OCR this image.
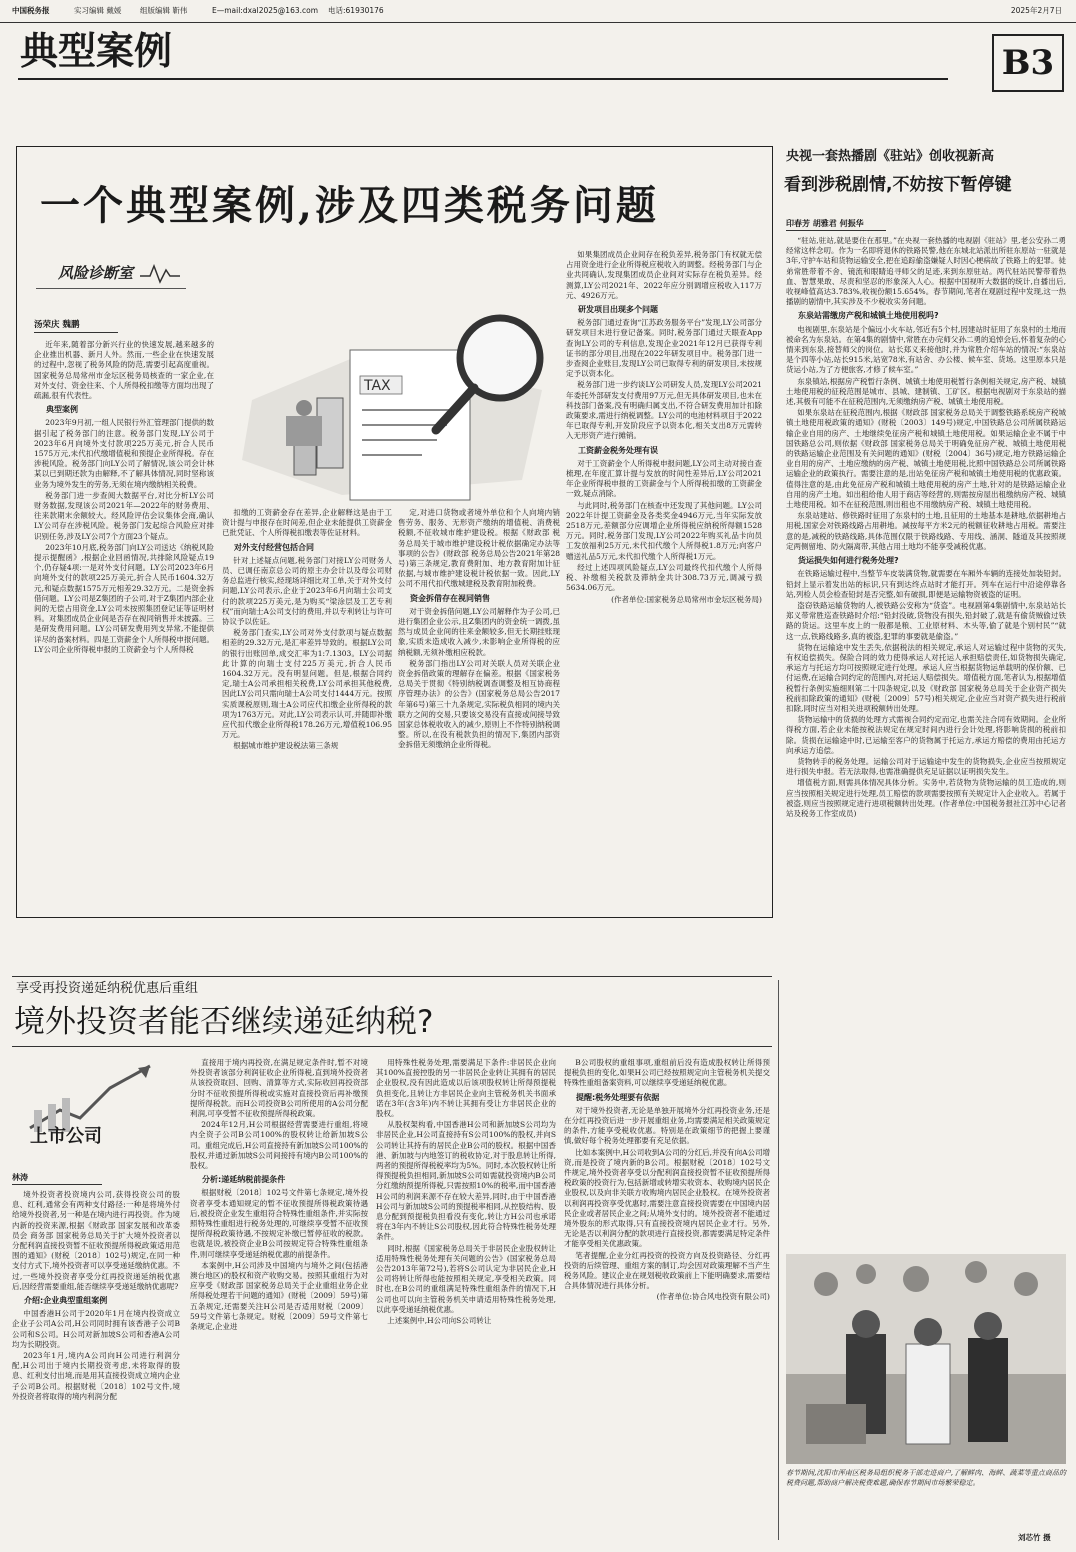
中国税务报	实习编辑 戴媛 组版编辑 靳伟	E—mail:dxal2025@163.com 电话:61930176	2025年2月7日
典型案例	B3
一个典型案例,涉及四类税务问题
风险诊断室
汤荣庆 魏鹏
TAX

近年来,随着部分新兴行业的快速发展,越来越多的企业推出机器、新月人外。然而,一些企业在快速发展的过程中,忽视了税务风险的防范,需要引起高度重视。国家税务总局常州市金坛区税务局核查的一家企业,在对外支付、资金往来、个人所得税扣缴等方面均出现了疏漏,很有代表性。

典型案例

2023年9月初,一组人民银行外汇管理部门提供的数据引起了税务部门的注意。税务部门发现,LY公司于2023年6月向境外支付款项225万美元,折合人民币1575万元,未代扣代缴增值税和预提企业所得税。存在涉税风险。税务部门向LY公司了解情况,该公司会计林某以已到期还款为由解释,不了解具体情况,同时坚称该业务为境外发生的劳务,无须在境内缴纳相关税费。

税务部门进一步查阅大数据平台,对比分析LY公司财务数据,发现该公司2021年—2022年的财务费用、往来款期末余额较大。经风险评估会议集体会商,确认LY公司存在涉税风险。税务部门发起综合风险应对排识别任务,涉及LY公司7个方面23个疑点。

2023年10月底,税务部门向LY公司送达《纳税风险提示提醒函》,根据企业回函情况,共排除风险疑点19个,仍存疑4项:一是对外支付问题。LY公司2023年6月向境外支付的款项225万美元,折合人民币1604.32万元,和疑点数据1575万元相差29.32万元。二是资金拆借问题。LY公司是Z集团的子公司,对于Z集团内部企业间的无偿占用资金,LY公司未按照集团登记证等证明材料。对集团成员企业间是否存在视同销售并未披露。三是研发费用问题。LY公司研发费用列支异常,不能提供详尽的备案材料。四是工资薪金个人所得税申报问题。LY公司企业所得税申报的工资薪金与个人所得税

扣缴的工资薪金存在差异,企业解释这是由于工资计提与申报存在时间差,但企业未能提供工资薪金已批凭证、个人所得税扣缴表等佐证材料。

对外支付经营包括合同

针对上述疑点问题,税务部门对接LY公司财务人员、已调任南京总公司的原主办会计以及母公司财务总监进行核实,经现场详细比对工单,关于对外支付问题,LY公司表示,企业于2023年6月向瑞士公司支付的款项225万美元,是为购买“梁涂层及工艺专利权”而向瑞士A公司支付的费用,并以专利转让与许可协议予以佐证。

税务部门查实,LY公司对外支付款项与疑点数据相差的29.32万元,是汇率差异导致的。根据LY公司的银行出账回单,成交汇率为1:7.1303。LY公司据此计算的向瑞士支付225万美元,折合人民币1604.32万元。没有明显问题。但是,根据合同约定,瑞士A公司承担相关税费,LY公司承担其他税费,因此LY公司只需向瑞士A公司支付1444万元。按照实质课税原则,瑞士A公司应代扣缴企业所得税的款项为1763万元。对此,LY公司表示认可,并随即补缴应代扣代缴企业所得税178.26万元,增值税106.95万元。

根据城市维护建设税法第三条规

定,对进口货物或者境外单位和个人向境内销售劳务、服务、无形资产缴纳的增值税、消费税税额,不征收城市维护建设税。根据《财政部 税务总局关于城市维护建设税计税依据确定办法等事项的公告》(财政部 税务总局公告2021年第28号)第三条规定,教育费附加、地方教育附加计征依据,与城市维护建设税计税依据一致。因此,LY公司不用代扣代缴城建税及教育附加税费。

资金拆借存在视同销售

对于资金拆借问题,LY公司解释作为子公司,已进行集团企业公示,且Z集团内的资金统一调拨,虽然与成员企业间的往来金额较多,但无长期挂账现象,实质未造成收入减少,未影响企业所得税的应纳税额,无须补缴相应税款。

税务部门指出LY公司对关联人员对关联企业资金拆借政策的理解存在偏差。根据《国家税务总局关于贯彻《特别纳税调查调整及相互协商程序管理办法》的公告》(国家税务总局公告2017年第6号)第三十九条规定,实际税负相同的境内关联方之间的交易,只要该交易没有直接或间接导致国家总体税收收入的减少,原则上不作特别纳税调整。所以,在没有税款负担的情况下,集团内部资金拆借无须缴纳企业所得税。

如果集团成员企业间存在税负差异,税务部门有权就无偿占用资金进行企业所得税应税收入的调整。经税务部门与企业共同确认,发现集团成员企业间对实际存在税负差异。经测算,LY公司2021年、2022年应分别调增应税收入117万元、4926万元。

研发项目出现多个问题

税务部门通过查询“江苏政务服务平台”发现,LY公司部分研发项目未进行登记备案。同时,税务部门通过天眼查App查询LY公司的专利信息,发现企业2021年12月已获得专利证书的部分项目,出现在2022年研发项目中。税务部门进一步查阅企业账目,发现LY公司已取得专利的研发项目,未按规定予以资本化。

税务部门进一步约谈LY公司研发人员,发现LY公司2021年委托外部研发支付费用97万元,但无具体研发项目,也未在科技部门备案,没有明确归属支出,不符合研发费用加计扣除政策要求,需进行纳税调整。LY公司的电池材料项目于2022年已取得专利,开发阶段应予以资本化,相关支出8万元需转入无形资产进行摊销。

工资薪金税务处理有误

对于工资薪金个人所得税申报问题,LY公司主动对接自查梳理,在年度汇算计提与发放的时间性差异后,LY公司2021年企业所得税申报的工资薪金与个人所得税扣缴的工资薪金一致,疑点消除。

与此同时,税务部门在核查中还发现了其他问题。LY公司2022年计提工资薪金及各类奖金4946万元,当年实际发放2518万元,差额部分应调增企业所得税应纳税所得额1528万元。同时,税务部门发现,LY公司2022年购买礼品卡向员工发放福利25万元,未代扣代缴个人所得税1.8万元;向客户赠送礼品5万元,未代扣代缴个人所得税1万元。

经过上述四项风险疑点,LY公司最终代扣代缴个人所得税、补缴相关税款及滞纳金共计308.73万元,调减亏损5634.06万元。

(作者单位:国家税务总局常州市金坛区税务局)

央视一套热播剧《驻站》创收视新高
看到涉税剧情,不妨按下暂停键
印春芳 胡雅君 何振华

“驻站,驻站,就是要住在那里。”在央视一套热播的电视剧《驻站》里,老公安孙二勇经常这样念叨。作为一名即将退休的铁路民警,他在东城北站派出所驻东原站一驻就是3年,守护车站和货物运输安全,把在追踪偷盗嫌疑人时因心梗病故了铁路上的犯罪。徒弟常胜带着不舍、镜流和眼睛追寻师父的足迹,来到东原驻站。两代驻站民警带着热血、智慧果敢、尽责和坚忍的形象深入人心。根据中国视听大数据的统计,自播出后,收视峰值高达3.783%,收视份额15.654%。春节期间,笔者在观剧过程中发现,这一热播剧的剧情中,其实涉及不少税收实务问题。

东泉站需缴房产税和城镇土地使用税吗?

电视剧里,东泉站是个偏远小火车站,邻近有5个村,因建站时征用了东泉村的土地而被命名为东泉站。在第4集的剧情中,常胜在办完师父孙二勇的追悼会后,怀着复杂的心情来到东泉,接替师父的岗位。站长郑义来接他时,并为常胜介绍车站的情况:“东泉站是个四等小站,站长915米,站宽78米,有站舍、办公楼、候车室、货场。这里原本只是货运小站,为了方便旅客,才修了候车室。”

东泉镇站,根据房产税暂行条例、城镇土地使用税暂行条例相关规定,房产税、城镇土地使用税的征税范围是城市、县城、建制镇、工矿区。根据电视剧对于东泉站的描述,其极有可能不在征税范围内,无须缴纳房产税、城镇土地使用税。

如果东泉站在征税范围内,根据《财政部 国家税务总局关于调整铁路系统房产税城镇土地使用税政策的通知》(财税〔2003〕149号)规定,中国铁路总公司所属铁路运输企业自用的房产、土地继续免征房产税和城镇土地使用税。如果运输企业不属于中国铁路总公司,则依据《财政部 国家税务总局关于明确免征房产税、城镇土地使用税的铁路运输企业范围及有关问题的通知》(财税〔2004〕36号)规定,地方铁路运输企业自用的房产、土地应缴纳的房产税、城镇土地使用税,比照中国铁路总公司所属铁路运输企业的政策执行。需要注意的是,出站免征房产税和城镇土地使用税的优惠政策。值得注意的是,由此免征房产税和城镇土地使用税的房产土地,针对的是铁路运输企业自用的房产土地。如出租给他人用于商店等经营的,则需按房屋出租缴纳房产税、城镇土地使用税。如不在征税范围,则出租也不用缴纳房产税、城镇土地使用税。

东泉站建站、修铁路时征用了东泉村的土地,且征用的土地基本是耕地,依据耕地占用税,国家会对铁路线路占用耕地。减按每平方米2元的税额征收耕地占用税。需要注意的是,减税的铁路线路,具体范围仅限于铁路线路、专用线、涵洞、隧道及其按照规定两侧留地、防火隔离带,其他占用土地均不能享受减税优惠。

货运损失如何进行税务处理?

在铁路运输过程中,当整节车皮装满货物,就需要在车厢外车辆的连接处加装铅封。铅封上显示着发出站的标识,只有到达终点站时才能打开。列车在运行中沿途停靠各站,列检人员会检查铅封是否完整,如有破损,即便是运输物资被盗的证明。

盗窃铁路运输货物的人,被铁路公安称为“货盗”。电视剧第4集剧情中,东泉站站长郑义带常胜巡查铁路时介绍:“铅封没破,货物没有损失,铅封破了,就是有偷货贼偷过铁路的货运。这里车皮上的一般都是粮、工业原材料、木头等,偷了就是个别村民”“就这一点,铁路线路多,真的被盗,犯罪的事要就是偷盗。”

货物在运输途中发生丢失,依据税法的相关规定,承运人对运输过程中货物的灭失,有权追偿损失。保险合同的效力使得承运人对托运人承担赔偿责任,如货物损失确定,承运方与托运方均可按照规定进行处理。承运人应当根据货物运单载明的保价额、已付运费,在运输合同约定的范围内,对托运人赔偿损失。增值税方面,笔者认为,根据增值税暂行条例实施细则第二十四条规定,以及《财政部 国家税务总局关于企业资产损失税前扣除政策的通知》(财税〔2009〕57号)相关规定,企业应当对资产损失进行税前扣除,同时应当对相关进项税额转出处理。

货物运输中的货损的处理方式需视合同约定而定,也需关注合同有效期间。企业所得税方面,若企业未能按税法规定在规定时间内进行会计处理,将影响货损的税前扣除。货损在运输途中时,已运输至客户的货物属于托运方,承运方赔偿的费用由托运方向承运方追偿。

货物转手的税务处理。运输公司对于运输途中发生的货物损失,企业应当按照规定进行损失申报。若无法取得,也需准确提供充足证据以证明损失发生。

增值税方面,则需具体情况具体分析。实务中,若货物为货物运输的员工造成的,则应当按照相关规定进行处理,员工赔偿的款项需要按照有关规定计入企业收入。若属于被盗,则应当按照规定进行进项税额转出处理。(作者单位:中国税务报社江苏中心记者站及税务工作室成员)

春节期间,沈阳市浑南区税务局组织税务干部走进商户,了解鲜肉、海鲜、蔬菜等重点商品的税费问题,帮助商户解决税费难题,确保春节期间市场繁荣稳定。
刘芯竹 摄
享受再投资递延纳税优惠后重组
境外投资者能否继续递延纳税?
上市公司
林涛

境外投资者投资境内公司,获得投资公司的股息、红利,通常会有两种支付路径:一种是将境外付给境外投资者,另一种是在境内进行再投资。作为境内新的投资来源,根据《财政部 国家发展和改革委员会 商务部 国家税务总局关于扩大境外投资者以分配利润直接投资暂不征收预提所得税政策适用范围的通知》(财税〔2018〕102号)规定,在同一种支付方式下,境外投资者可以享受递延缴纳优惠。不过,一些境外投资者享受分红再投资递延纳税优惠后,因经营需要重组,能否继续享受递延缴纳优惠呢?

介绍:企业典型重组案例

中国香港H公司于2020年1月在境内投资成立企业子公司A公司,H公司同时拥有该香港子公司B公司和S公司。H公司对新加坡S公司和香港A公司均为长期投资。

2023年1月,境内A公司向H公司进行利润分配,H公司出于境内长期投资考虑,未将取得的股息、红利支付出境,而是用其直接投资成立境内企业子公司B公司。根据财税〔2018〕102号文件,境外投资者将取得的境内利润分配

直接用于境内再投资,在满足规定条件时,暂不对境外投资者该部分利润征收企业所得税,直到境外投资者从该投资取回、回购、清算等方式,实际收回再投资部分时不征收预提所得税或实施对直接投资后再补缴预提所得税款。而H公司投资B公司所使用的A公司分配利润,可享受暂不征收预提所得税政策。

2024年12月,H公司根据经营需要进行重组,将境内全资子公司B公司100%的股权转让给新加坡S公司。重组完成后,H公司直接持有新加坡S公司100%的股权,并通过新加坡S公司间接持有境内B公司100%的股权。

分析:递延纳税前提条件

根据财税〔2018〕102号文件第七条规定,境外投资者享受本通知规定的暂不征收预提所得税政策待遇后,被投资企业发生重组符合特殊性重组条件,并实际按照特殊性重组进行税务处理的,可继续享受暂不征收预提所得税政策待遇,不按规定补缴已暂停征收的税款。也就是说,被投资企业B公司按规定符合特殊性重组条件,则可继续享受递延纳税优惠的前提条件。

本案例中,H公司涉及中国境内与境外之间(包括港澳台地区)的股权和资产收购交易。按照其重组行为对应享受《财政部 国家税务总局关于企业重组业务企业所得税处理若干问题的通知》(财税〔2009〕59号)第五条规定,还需要关注H公司是否适用财税〔2009〕59号文件第七条规定。财税〔2009〕59号文件第七条规定,企业进

用特殊性税务处理,需要满足下条件:非居民企业向其100%直接控股的另一非居民企业转让其拥有的居民企业股权,没有因此造成以后该项股权转让所得预提税负担变化,且转让方非居民企业向主管税务机关书面承诺在3年(含3年)内不转让其拥有受让方非居民企业的股权。

从股权架构看,中国香港H公司和新加坡S公司均为非居民企业,H公司直接持有S公司100%的股权,并向S公司转让其持有的居民企业B公司的股权。根据中国香港、新加坡与内地签订的税收协定,对于股息转让所得,两者的预提所得税税率均为5%。同时,本次股权转让所得预提税负担相同,新加坡S公司如需就投资境内B公司分红缴纳预提所得税,只需按照10%的税率,而中国香港H公司的利润来源不存在较大差异,同时,由于中国香港H公司与新加坡S公司的预提税率相同,从控股结构、股息分配到预提税负担看没有变化,转让方H公司也承诺将在3年内不转让S公司股权,因此符合特殊性税务处理条件。

同时,根据《国家税务总局关于非居民企业股权转让适用特殊性税务处理有关问题的公告》(国家税务总局公告2013年第72号),若将S公司认定为非居民企业,H公司将转让所得也能按照相关规定,享受相关政策。同时也,在B公司的重组满足特殊性重组条件的情况下,H公司也可以向主管税务机关申请适用特殊性税务处理,以此享受递延纳税优惠。

上述案例中,H公司向S公司转让

B公司股权的重组事项,重组前后没有造成股权转让所得预提税负担的变化,如果H公司已经按照规定向主管税务机关提交特殊性重组备案资料,可以继续享受递延纳税优惠。

提醒:税务处理要有依据

对于境外投资者,无论是单独开展境外分红再投资业务,还是在分红再投资后进一步开展重组业务,均需要满足相关政策规定的条件,方能享受税收优惠。特别是在政策细节的把握上要谨慎,做好每个税务处理都要有充足依据。

比如本案例中,H公司收到A公司的分红后,并没有向A公司增资,而是投资了境内新的B公司。根据财税〔2018〕102号文件规定,境外投资者享受以分配利润直接投资暂不征收预提所得税政策的投资行为,包括新增或转增实收资本、收购境内居民企业股权,以及向非关联方收购境内居民企业股权。在境外投资者以利润再投资享受优惠时,需要注意直接投资需要在中国境内居民企业或者居民企业之间;从境外支付的。境外投资者不能通过境外股东的形式取得,只有直接投资境内居民企业才行。另外,无论是否以利润分配的款项进行直接投资,都需要满足特定条件才能享受相关优惠政策。

笔者提醒,企业分红再投资的投资方向及投资路径、分红再投资的后续管理、重组方案的制订,均会因对政策理解不当产生税务风险。建议企业在规划税收政策前上下能明确要求,需要结合具体情况进行具体分析。

(作者单位:协合风电投资有限公司)
